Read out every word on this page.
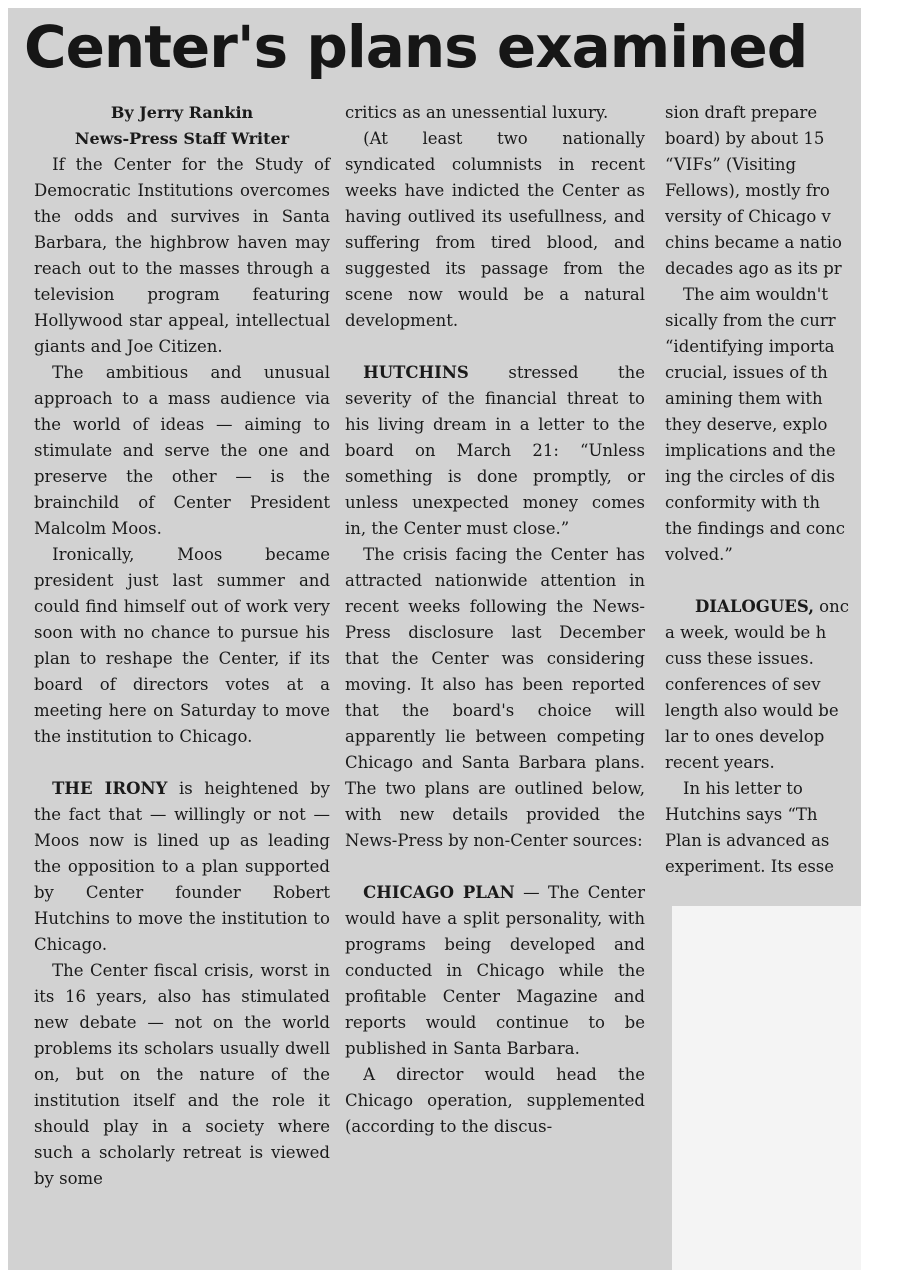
Center's plans examined

By Jerry Rankin

News-Press Staff Writer

If the Center for the Study of Democratic Institutions overcomes the odds and survives in Santa Barbara, the highbrow haven may reach out to the masses through a television program featuring Hollywood star appeal, intellectual giants and Joe Citizen.

The ambitious and unusual approach to a mass audience via the world of ideas — aiming to stimulate and serve the one and preserve the other — is the brainchild of Center President Malcolm Moos.

Ironically, Moos became president just last summer and could find himself out of work very soon with no chance to pursue his plan to reshape the Center, if its board of directors votes at a meeting here on Saturday to move the institution to Chicago.

THE IRONY is heightened by the fact that — willingly or not — Moos now is lined up as leading the opposition to a plan supported by Center founder Robert Hutchins to move the institution to Chicago.

The Center fiscal crisis, worst in its 16 years, also has stimulated new debate — not on the world problems its scholars usually dwell on, but on the nature of the institution itself and the role it should play in a society where such a scholarly retreat is viewed by some

critics as an unessential luxury.

(At least two nationally syndicated columnists in recent weeks have indicted the Center as having outlived its usefullness, and suffering from tired blood, and suggested its passage from the scene now would be a natural development.

HUTCHINS stressed the severity of the financial threat to his living dream in a letter to the board on March 21: “Unless something is done promptly, or unless unexpected money comes in, the Center must close.”

The crisis facing the Center has attracted nationwide attention in recent weeks following the News-Press disclosure last December that the Center was considering moving. It also has been reported that the board's choice will apparently lie between competing Chicago and Santa Barbara plans. The two plans are outlined below, with new details provided the News-Press by non-Center sources:

CHICAGO PLAN — The Center would have a split personality, with programs being developed and conducted in Chicago while the profitable Center Magazine and reports would continue to be published in Santa Barbara.

A director would head the Chicago operation, supplemented (according to the discus-

sion draft prepare
board) by about 15
“VIFs” (Visiting
Fellows), mostly fro
versity of Chicago v
chins became a natio
decades ago as its pr
The aim wouldn't
sically from the curr
“identifying importa
crucial, issues of th
amining them with
they deserve, explo
implications and the
ing the circles of dis
conformity with th
the findings and conc
volved.”
DIALOGUES, onc
a week, would be h
cuss these issues.
conferences of sev
length also would be
lar to ones develop
recent years.
In his letter to
Hutchins says “Th
Plan is advanced as
experiment. Its esse
